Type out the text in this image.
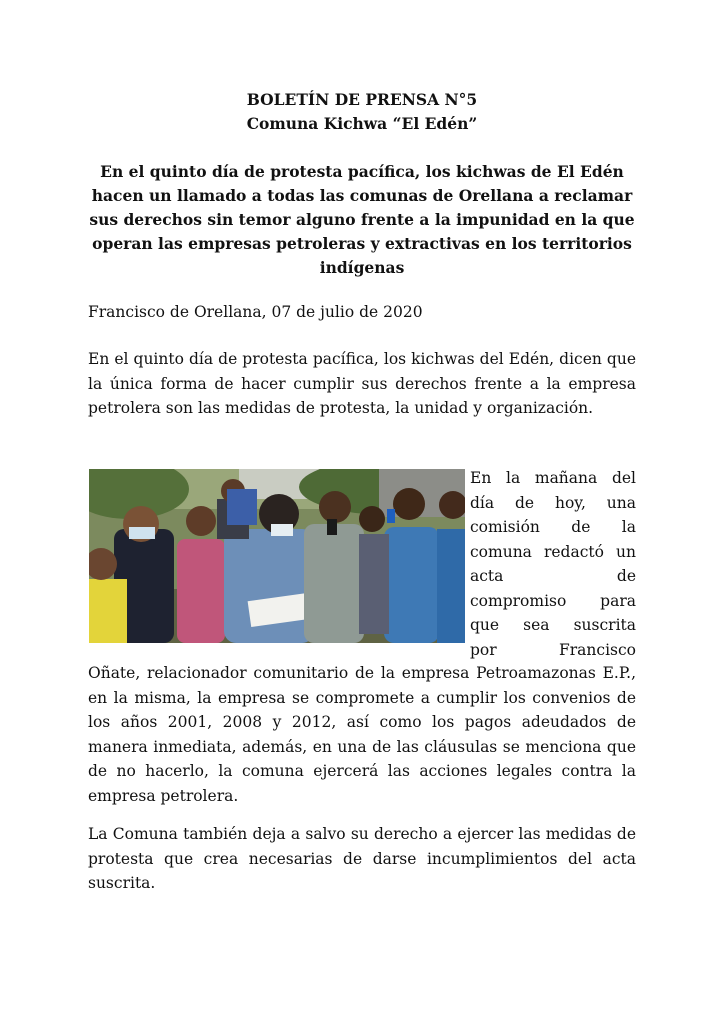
BOLETÍN DE PRENSA N°5
Comuna Kichwa “El Edén”
En el quinto día de protesta pacífica, los kichwas de El Edén hacen un llamado a todas las comunas de Orellana a reclamar sus derechos sin temor alguno frente a la impunidad en la que operan las empresas petroleras y extractivas en los territorios indígenas
Francisco de Orellana, 07 de julio de 2020
En el quinto día de protesta pacífica, los kichwas del Edén, dicen que la única forma de hacer cumplir sus derechos frente a la empresa petrolera son las medidas de protesta, la unidad y organización.
En la mañana del
día de hoy, una
comisión de la
comuna redactó un
acta de
compromiso para
que sea suscrita
por Francisco
Oñate, relacionador comunitario de la empresa Petroamazonas E.P., en la misma, la empresa se compromete a cumplir los convenios de los años 2001, 2008 y 2012, así como los pagos adeudados de manera inmediata, además, en una de las cláusulas se menciona que de no hacerlo, la comuna ejercerá las acciones legales contra la empresa petrolera.
La Comuna también deja a salvo su derecho a ejercer las medidas de protesta que crea necesarias de darse incumplimientos del acta suscrita.
